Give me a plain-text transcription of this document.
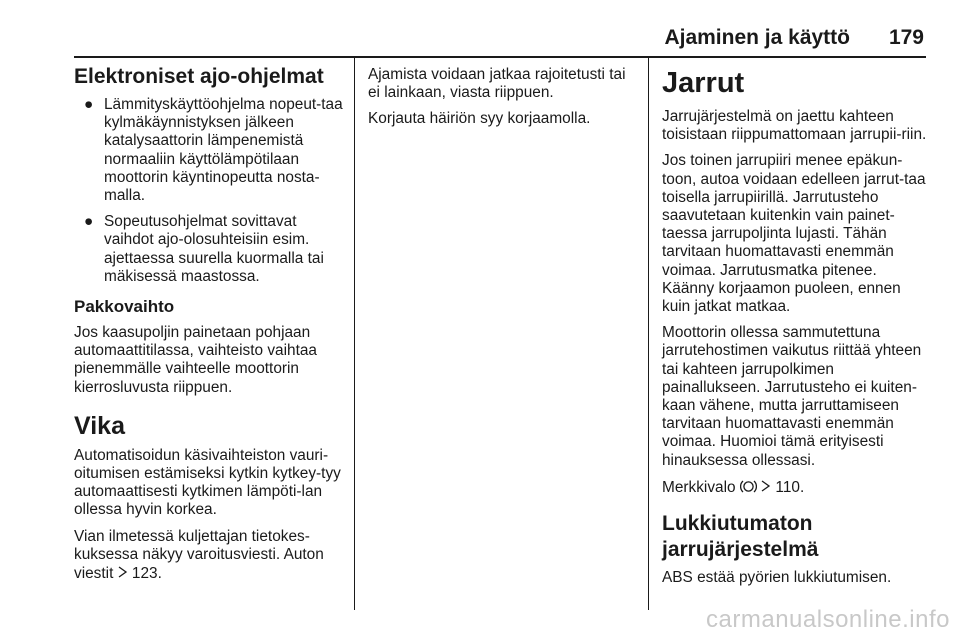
Ajaminen ja käyttö 179
Elektroniset ajo-ohjelmat
● Lämmityskäyttöohjelma nopeut-taa kylmäkäynnistyksen jälkeen katalysaattorin lämpenemistä normaaliin käyttölämpötilaan moottorin käyntinopeutta nosta-malla.
● Sopeutusohjelmat sovittavat vaihdot ajo-olosuhteisiin esim. ajettaessa suurella kuormalla tai mäkisessä maastossa.
Pakkovaihto

Jos kaasupoljin painetaan pohjaan automaattitilassa, vaihteisto vaihtaa pienemmälle vaihteelle moottorin kierrosluvusta riippuen.

Vika

Automatisoidun käsivaihteiston vauri-oitumisen estämiseksi kytkin kytkey-tyy automaattisesti kytkimen lämpöti-lan ollessa hyvin korkea.

Vian ilmetessä kuljettajan tietokes-kuksessa näkyy varoitusviesti. Auton viestit 123.

Ajamista voidaan jatkaa rajoitetusti tai ei lainkaan, viasta riippuen.

Korjauta häiriön syy korjaamolla.

Jarrut

Jarrujärjestelmä on jaettu kahteen toisistaan riippumattomaan jarrupii-riin.

Jos toinen jarrupiiri menee epäkun-toon, autoa voidaan edelleen jarrut-taa toisella jarrupiirillä. Jarrutusteho saavutetaan kuitenkin vain painet-taessa jarrupoljinta lujasti. Tähän tarvitaan huomattavasti enemmän voimaa. Jarrutusmatka pitenee. Käänny korjaamon puoleen, ennen kuin jatkat matkaa.

Moottorin ollessa sammutettuna jarrutehostimen vaikutus riittää yhteen tai kahteen jarrupolkimen painallukseen. Jarrutusteho ei kuiten-kaan vähene, mutta jarruttamiseen tarvitaan huomattavasti enemmän voimaa. Huomioi tämä erityisesti hinauksessa ollessasi.

Merkkivalo	110.

Lukkiutumaton
jarrujärjestelmä

ABS estää pyörien lukkiutumisen.

carmanualsonline.info
